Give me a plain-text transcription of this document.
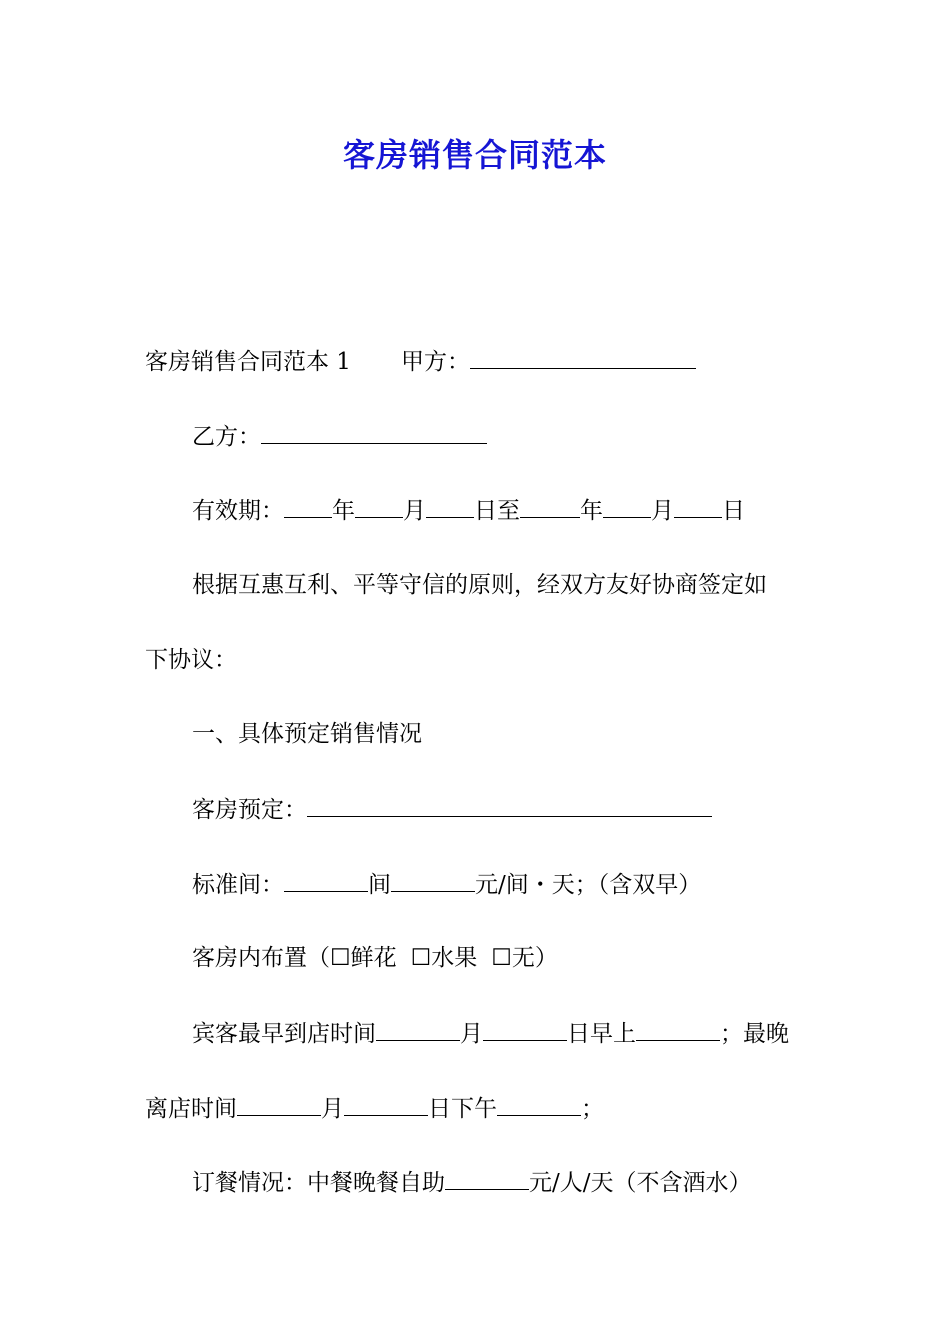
客房销售合同范本
客房销售合同范本 1 甲方：
乙方：
有效期： 年 月 日至	年 月 日
根据互惠互利、平等守信的原则，经双方友好协商签定如
下协议：
一、具体预定销售情况
客房预定：
标准间：	间	元/间・天；（含双早）
客房内布置（☐鲜花 ☐水果 ☐无）
宾客最早到店时间	月	日早上	；最晚
离店时间	月	日下午	；
订餐情况：中餐晚餐自助	元/人/天（不含酒水）
